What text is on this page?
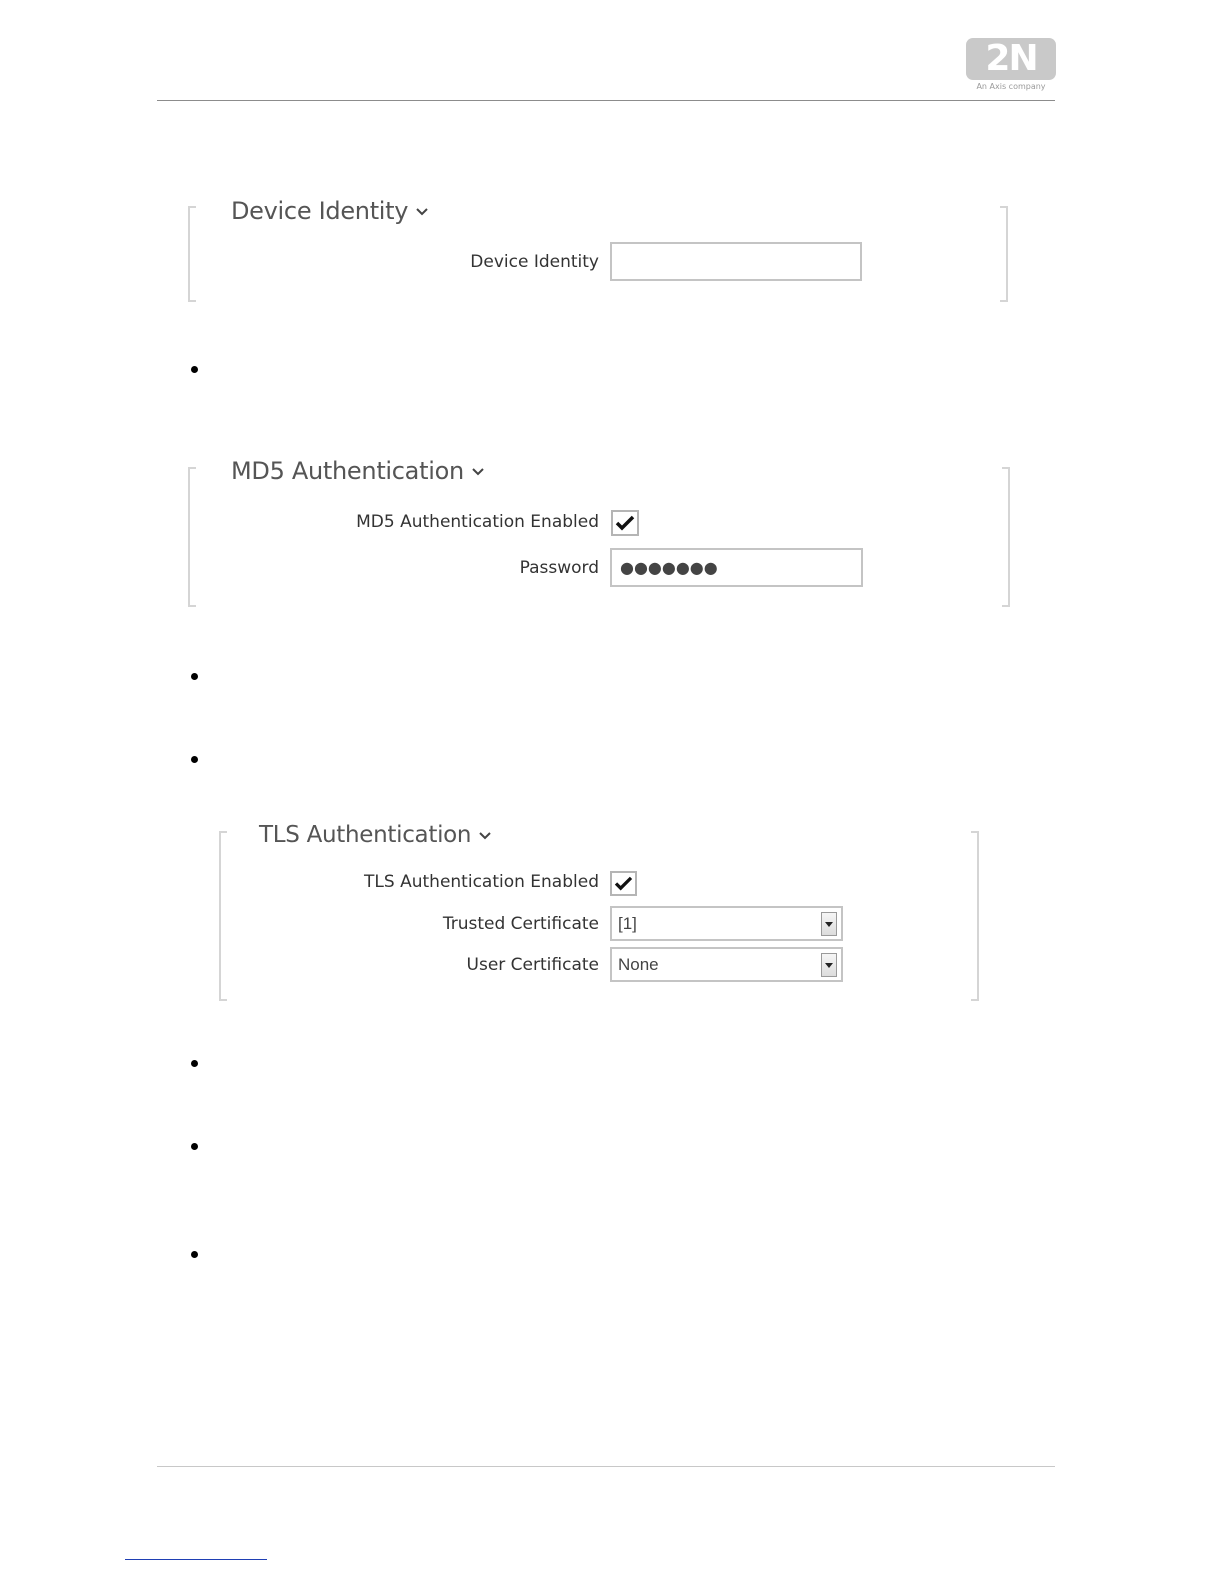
2N
An Axis company
Device Identity
Device Identity
MD5 Authentication
MD5 Authentication Enabled
Password ●●●●●●●
TLS Authentication
TLS Authentication Enabled
Trusted Certificate [1]
User Certificate None
